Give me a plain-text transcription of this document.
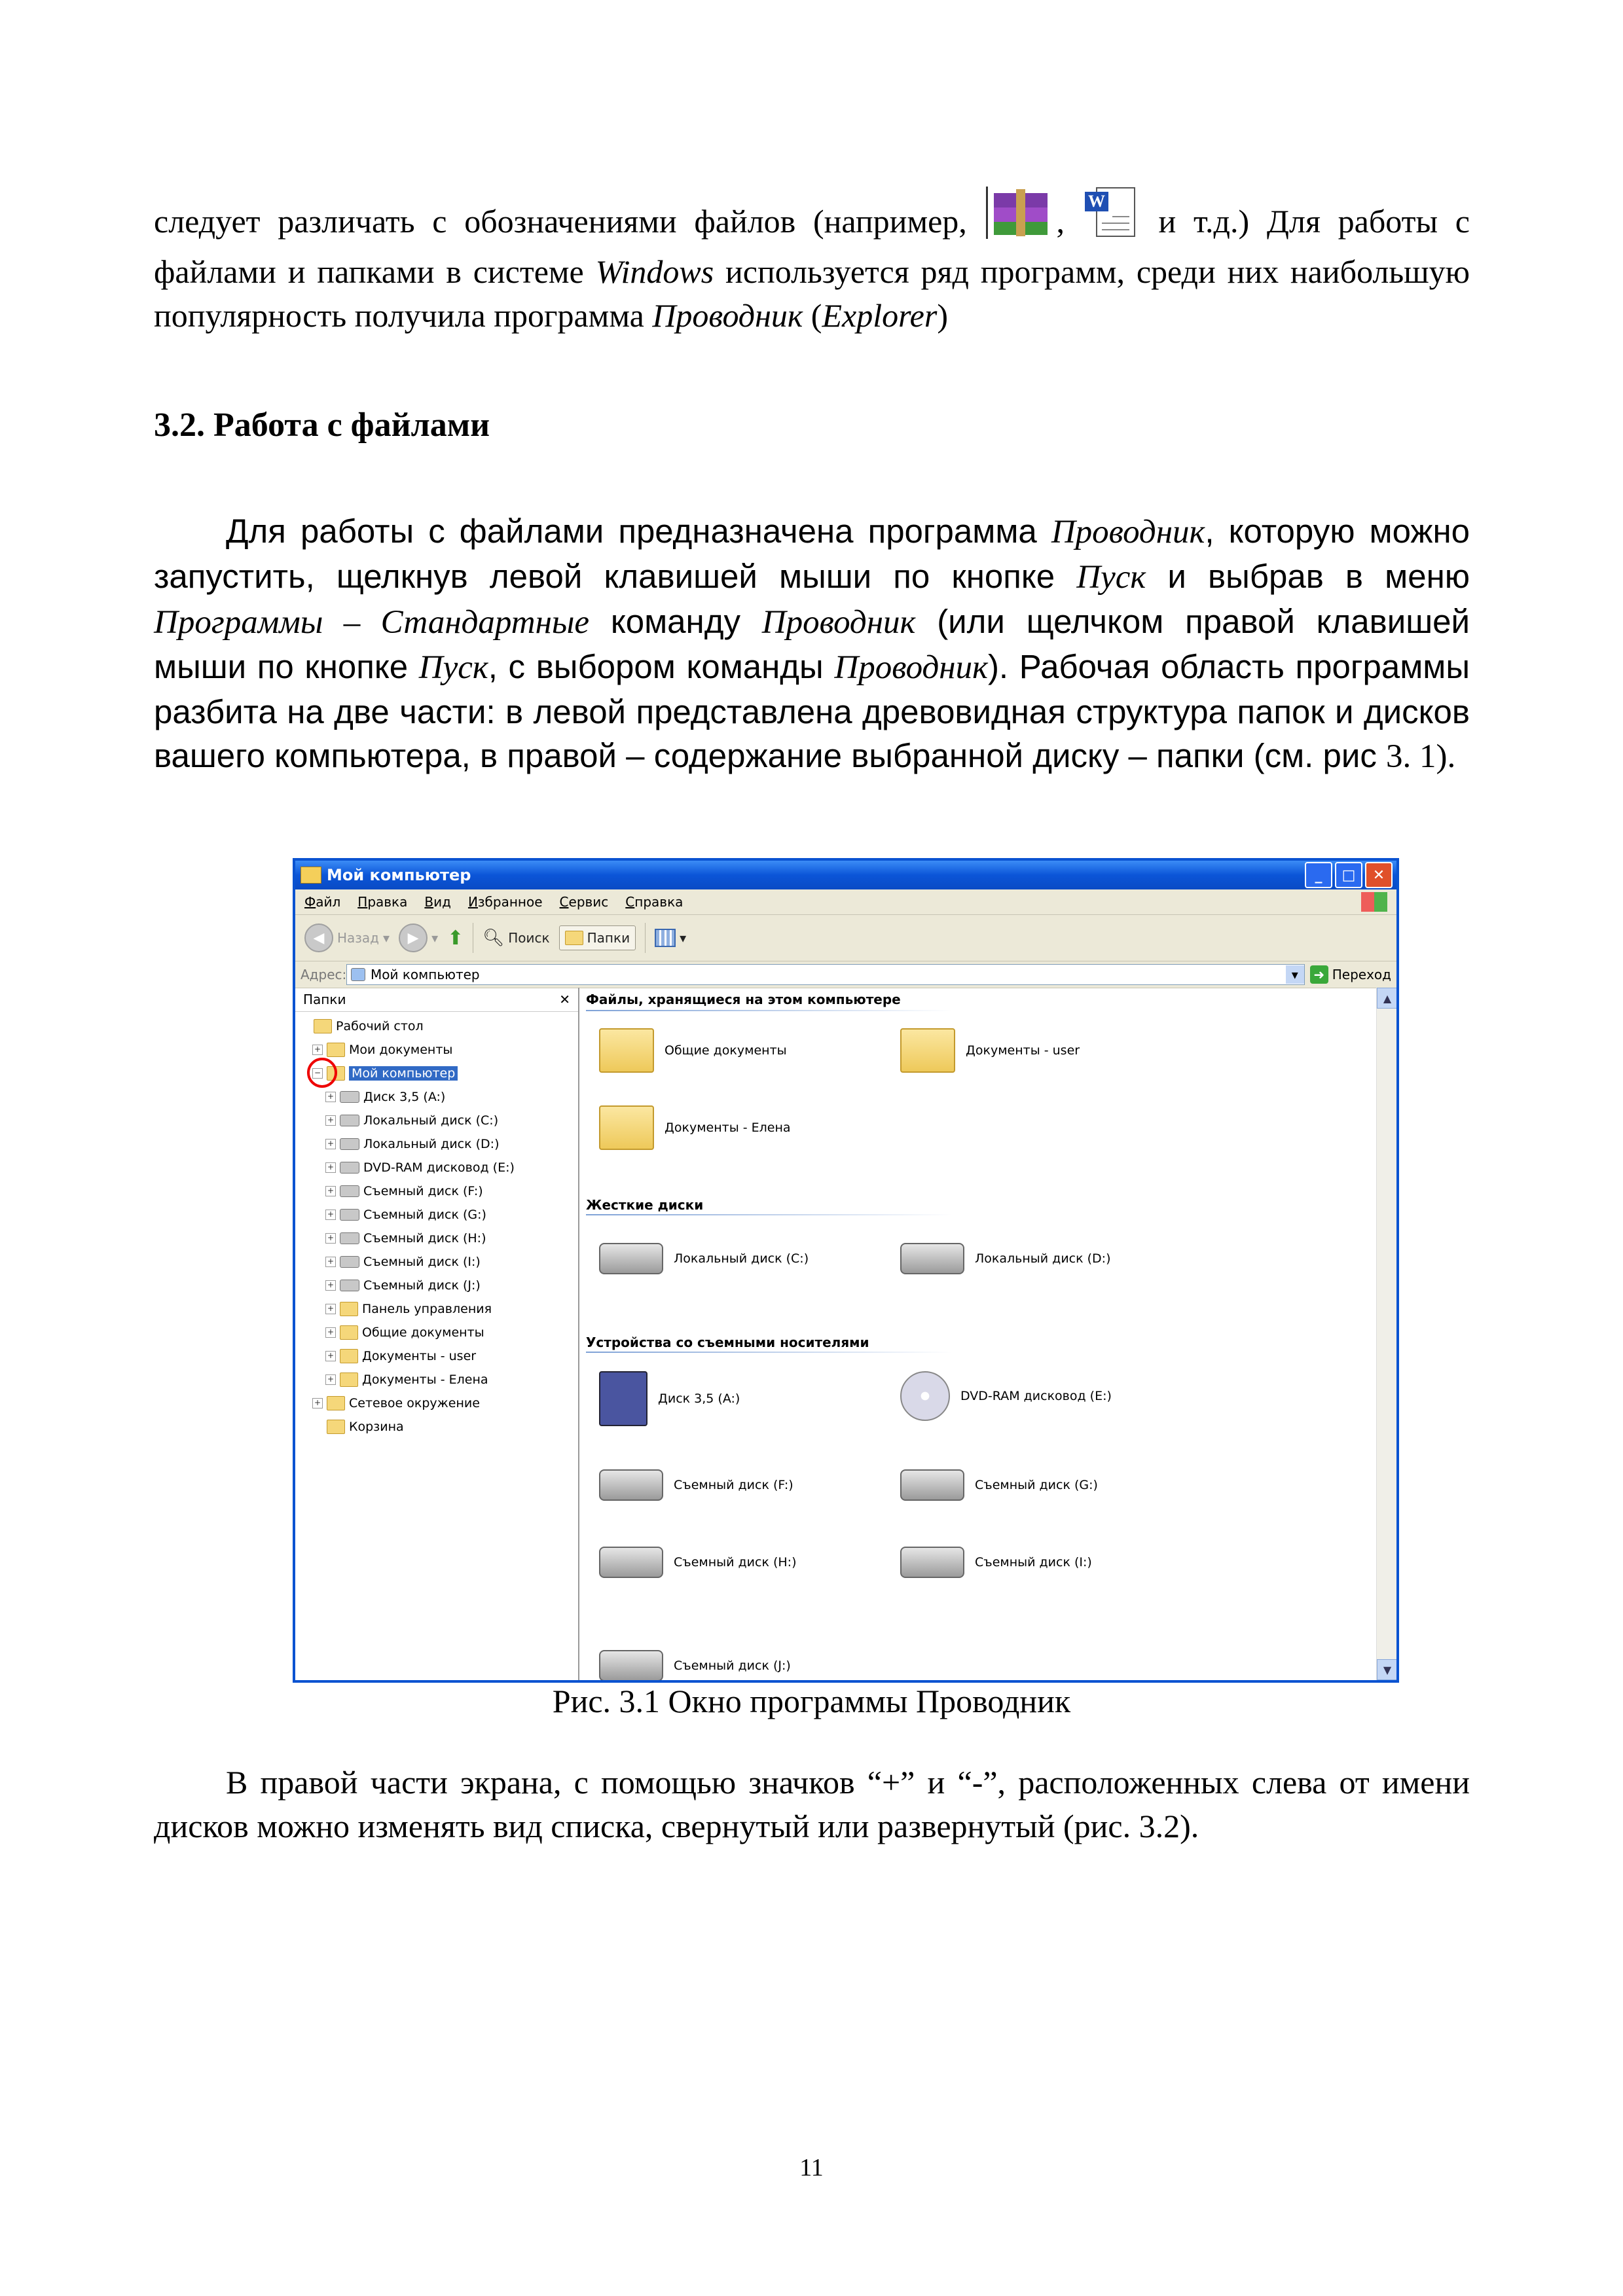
следует различать с обозначениями файлов (например,	,
W
и т.д.) Для работы с файлами и папками в системе Windows используется ряд программ, среди них наибольшую популярность получила программа Проводник (Explorer)

3.2. Работа с файлами

Для работы с файлами предназначена программа Проводник, которую можно запустить, щелкнув левой клавишей мыши по кнопке Пуск и выбрав в меню Программы – Стандартные команду Проводник (или щелчком правой клавишей мыши по кнопке Пуск, с выбором команды Проводник). Рабочая область программы разбита на две части: в левой представлена древовидная структура папок и дисков вашего компьютера, в правой – содержание выбранной диску – папки (см. рис 3. 1).

Мой компьютер	_	□	✕
Файл Правка Вид Избранное Сервис Справка
◀ Назад ▾	▶ ▾ ⬆ 🔍︎ Поиск	Папки	▾
Адрес: Мой компьютер	▾	➜ Переход
Папки	✕
Рабочий стол
+ Мои документы
− Мой компьютер
+ Диск 3,5 (A:)
+ Локальный диск (C:)
+ Локальный диск (D:)
+ DVD-RAM дисковод (E:)
+ Съемный диск (F:)
+ Съемный диск (G:)
+ Съемный диск (H:)
+ Съемный диск (I:)
+ Съемный диск (J:)
+ Панель управления
+ Общие документы
+ Документы - user
+ Документы - Елена
+ Сетевое окружение
Корзина
Файлы, хранящиеся на этом компьютере
Общие документы	Документы - user
Документы - Елена
Жесткие диски
Локальный диск (C:)	Локальный диск (D:)
Устройства со съемными носителями
Диск 3,5 (A:)	DVD-RAM дисковод (E:)
Съемный диск (F:)	Съемный диск (G:)
Съемный диск (H:)	Съемный диск (I:)
Съемный диск (J:)
▲
▼

Рис. 3.1 Окно программы Проводник

В правой части экрана, с помощью значков “+” и “-”, расположенных слева от имени дисков можно изменять вид списка, свернутый или развернутый (рис. 3.2).

11
